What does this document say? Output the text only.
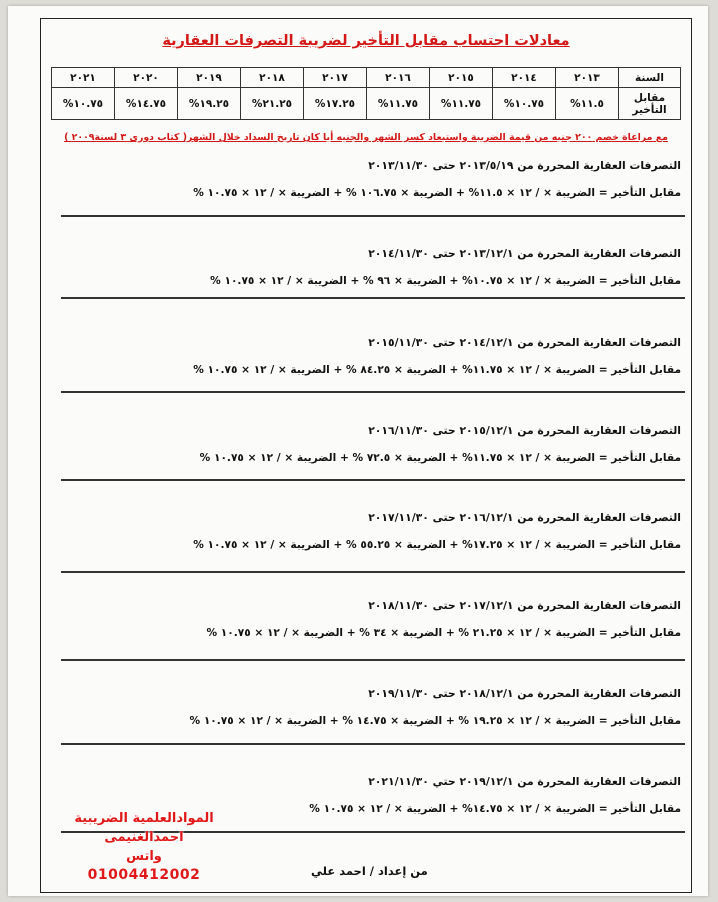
معادلات احتساب مقابل التأخير لضريبة التصرفات العقارية
السنة	٢٠١٣	٢٠١٤	٢٠١٥	٢٠١٦	٢٠١٧	٢٠١٨	٢٠١٩	٢٠٢٠	٢٠٢١
مقابل التأخير	١١.٥%	١٠.٧٥%	١١.٧٥%	١١.٧٥%	١٧.٢٥%	٢١.٢٥%	١٩.٢٥%	١٤.٧٥%	١٠.٧٥%
مع مراعاة خصم ٢٠٠ جنيه من قيمة الضريبة واستبعاد كسر الشهر والجنيه أيا كان تاريخ السداد خلال الشهر( كتاب دورى ٣ لسنة٢٠٠٩ )
التصرفات العقارية المحررة من ٢٠١٣/٥/١٩ حتى ٢٠١٣/١١/٣٠
مقابل التأخير = الضريبة × / ١٢ × ١١.٥% + الضريبة × ١٠٦.٧٥ % + الضريبة × / ١٢ × ١٠.٧٥ %
التصرفات العقارية المحررة من ٢٠١٣/١٢/١ حتى ٢٠١٤/١١/٣٠
مقابل التأخير = الضريبة × / ١٢ × ١٠.٧٥% + الضريبة × ٩٦ % + الضريبة × / ١٢ × ١٠.٧٥ %
التصرفات العقارية المحررة من ٢٠١٤/١٢/١ حتى ٢٠١٥/١١/٣٠
مقابل التأخير = الضريبة × / ١٢ × ١١.٧٥% + الضريبة × ٨٤.٢٥ % + الضريبة × / ١٢ × ١٠.٧٥ %
التصرفات العقارية المحررة من ٢٠١٥/١٢/١ حتى ٢٠١٦/١١/٣٠
مقابل التأخير = الضريبة × / ١٢ × ١١.٧٥% + الضريبة × ٧٢.٥ % + الضريبة × / ١٢ × ١٠.٧٥ %
التصرفات العقارية المحررة من ٢٠١٦/١٢/١ حتى ٢٠١٧/١١/٣٠
مقابل التأخير = الضريبة × / ١٢ × ١٧.٢٥% + الضريبة × ٥٥.٢٥ % + الضريبة × / ١٢ × ١٠.٧٥ %
التصرفات العقارية المحررة من ٢٠١٧/١٢/١ حتى ٢٠١٨/١١/٣٠
مقابل التأخير = الضريبة × / ١٢ × ٢١.٢٥ % + الضريبة × ٣٤ % + الضريبة × / ١٢ × ١٠.٧٥ %
التصرفات العقارية المحررة من ٢٠١٨/١٢/١ حتى ٢٠١٩/١١/٣٠
مقابل التأخير = الضريبة × / ١٢ × ١٩.٢٥ % + الضريبة × ١٤.٧٥ % + الضريبة × / ١٢ × ١٠.٧٥ %
التصرفات العقارية المحررة من ٢٠١٩/١٢/١ حتي ٢٠٢١/١١/٣٠
مقابل التأخير = الضريبة × / ١٢ × ١٤.٧٥% + الضريبة × / ١٢ × ١٠.٧٥ %
من إعداد / احمد علي
الموادالعلمية الضريبية
احمدالغنيمى
واتس
01004412002
